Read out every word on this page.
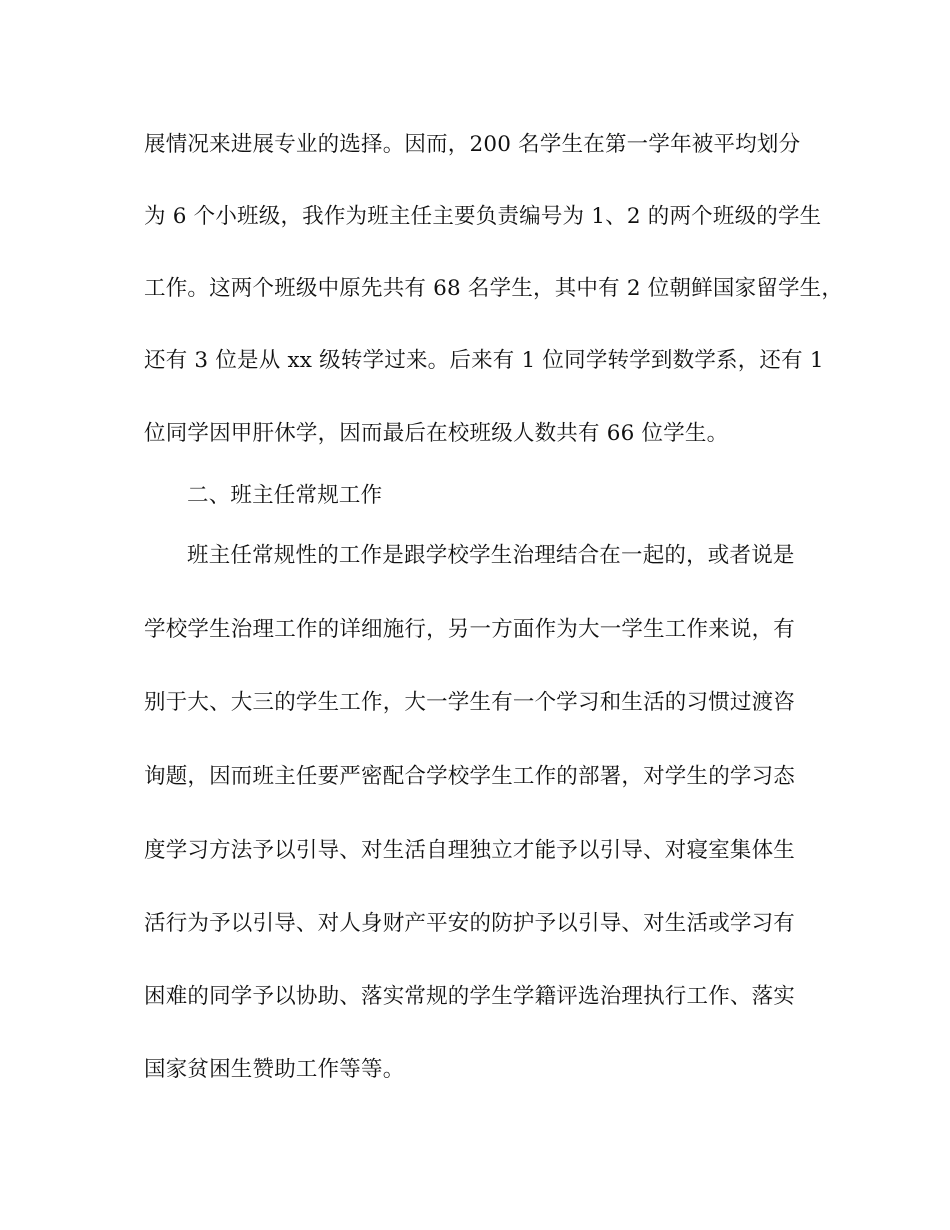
展情况来进展专业的选择。因而，200 名学生在第一学年被平均划分
为 6 个小班级，我作为班主任主要负责编号为 1、2 的两个班级的学生
工作。这两个班级中原先共有 68 名学生，其中有 2 位朝鲜国家留学生，
还有 3 位是从 xx 级转学过来。后来有 1 位同学转学到数学系，还有 1
位同学因甲肝休学，因而最后在校班级人数共有 66 位学生。
二、班主任常规工作
班主任常规性的工作是跟学校学生治理结合在一起的，或者说是
学校学生治理工作的详细施行，另一方面作为大一学生工作来说，有
别于大、大三的学生工作，大一学生有一个学习和生活的习惯过渡咨
询题，因而班主任要严密配合学校学生工作的部署，对学生的学习态
度学习方法予以引导、对生活自理独立才能予以引导、对寝室集体生
活行为予以引导、对人身财产平安的防护予以引导、对生活或学习有
困难的同学予以协助、落实常规的学生学籍评选治理执行工作、落实
国家贫困生赞助工作等等。
